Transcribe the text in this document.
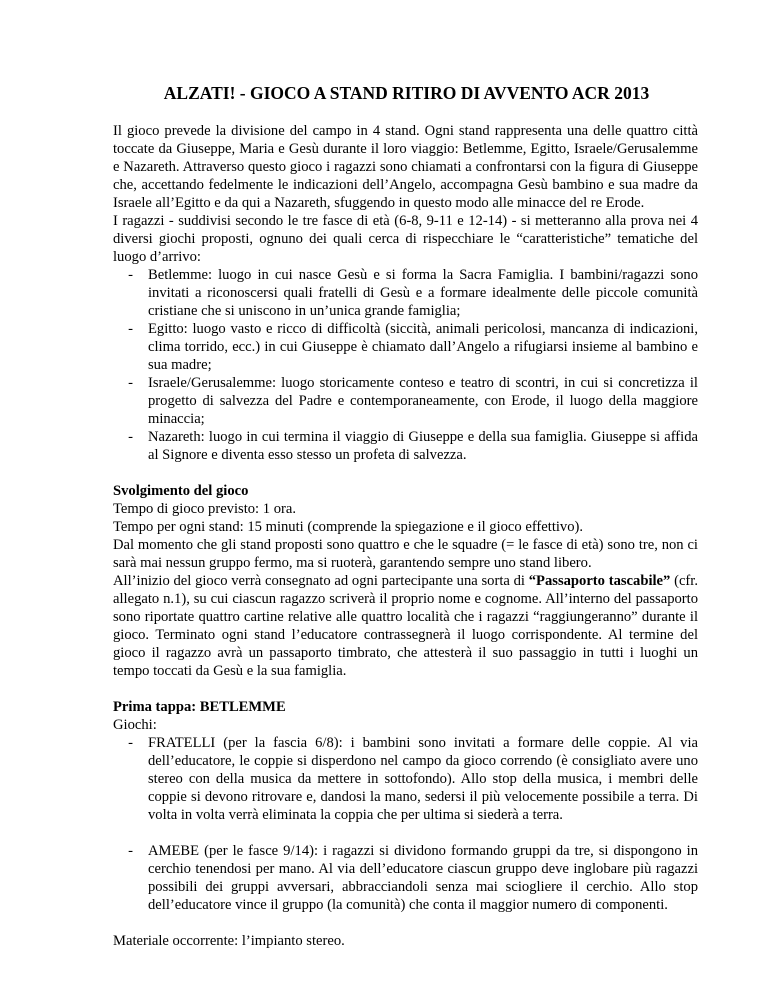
ALZATI! - GIOCO A STAND RITIRO DI AVVENTO ACR 2013

Il gioco prevede la divisione del campo in 4 stand. Ogni stand rappresenta una delle quattro città toccate da Giuseppe, Maria e Gesù durante il loro viaggio: Betlemme, Egitto, Israele/Gerusalemme e Nazareth. Attraverso questo gioco i ragazzi sono chiamati a confrontarsi con la figura di Giuseppe che, accettando fedelmente le indicazioni dell’Angelo, accompagna Gesù bambino e sua madre da Israele all’Egitto e da qui a Nazareth, sfuggendo in questo modo alle minacce del re Erode.

I ragazzi - suddivisi secondo le tre fasce di età (6-8, 9-11 e 12-14) - si metteranno alla prova nei 4 diversi giochi proposti, ognuno dei quali cerca di rispecchiare le “caratteristiche” tematiche del luogo d’arrivo:

- Betlemme: luogo in cui nasce Gesù e si forma la Sacra Famiglia. I bambini/ragazzi sono invitati a riconoscersi quali fratelli di Gesù e a formare idealmente delle piccole comunità cristiane che si uniscono in un’unica grande famiglia;
- Egitto: luogo vasto e ricco di difficoltà (siccità, animali pericolosi, mancanza di indicazioni, clima torrido, ecc.) in cui Giuseppe è chiamato dall’Angelo a rifugiarsi insieme al bambino e sua madre;
- Israele/Gerusalemme: luogo storicamente conteso e teatro di scontri, in cui si concretizza il progetto di salvezza del Padre e contemporaneamente, con Erode, il luogo della maggiore minaccia;
- Nazareth: luogo in cui termina il viaggio di Giuseppe e della sua famiglia. Giuseppe si affida al Signore e diventa esso stesso un profeta di salvezza.

Svolgimento del gioco

Tempo di gioco previsto: 1 ora.

Tempo per ogni stand: 15 minuti (comprende la spiegazione e il gioco effettivo).

Dal momento che gli stand proposti sono quattro e che le squadre (= le fasce di età) sono tre, non ci sarà mai nessun gruppo fermo, ma si ruoterà, garantendo sempre uno stand libero.

All’inizio del gioco verrà consegnato ad ogni partecipante una sorta di “Passaporto tascabile” (cfr. allegato n.1), su cui ciascun ragazzo scriverà il proprio nome e cognome. All’interno del passaporto sono riportate quattro cartine relative alle quattro località che i ragazzi “raggiungeranno” durante il gioco. Terminato ogni stand l’educatore contrassegnerà il luogo corrispondente. Al termine del gioco il ragazzo avrà un passaporto timbrato, che attesterà il suo passaggio in tutti i luoghi un tempo toccati da Gesù e la sua famiglia.

Prima tappa: BETLEMME

Giochi:

- FRATELLI (per la fascia 6/8): i bambini sono invitati a formare delle coppie. Al via dell’educatore, le coppie si disperdono nel campo da gioco correndo (è consigliato avere uno stereo con della musica da mettere in sottofondo). Allo stop della musica, i membri delle coppie si devono ritrovare e, dandosi la mano, sedersi il più velocemente possibile a terra. Di volta in volta verrà eliminata la coppia che per ultima si siederà a terra.
- AMEBE (per le fasce 9/14): i ragazzi si dividono formando gruppi da tre, si dispongono in cerchio tenendosi per mano. Al via dell’educatore ciascun gruppo deve inglobare più ragazzi possibili dei gruppi avversari, abbracciandoli senza mai sciogliere il cerchio. Allo stop dell’educatore vince il gruppo (la comunità) che conta il maggior numero di componenti.

Materiale occorrente: l’impianto stereo.
